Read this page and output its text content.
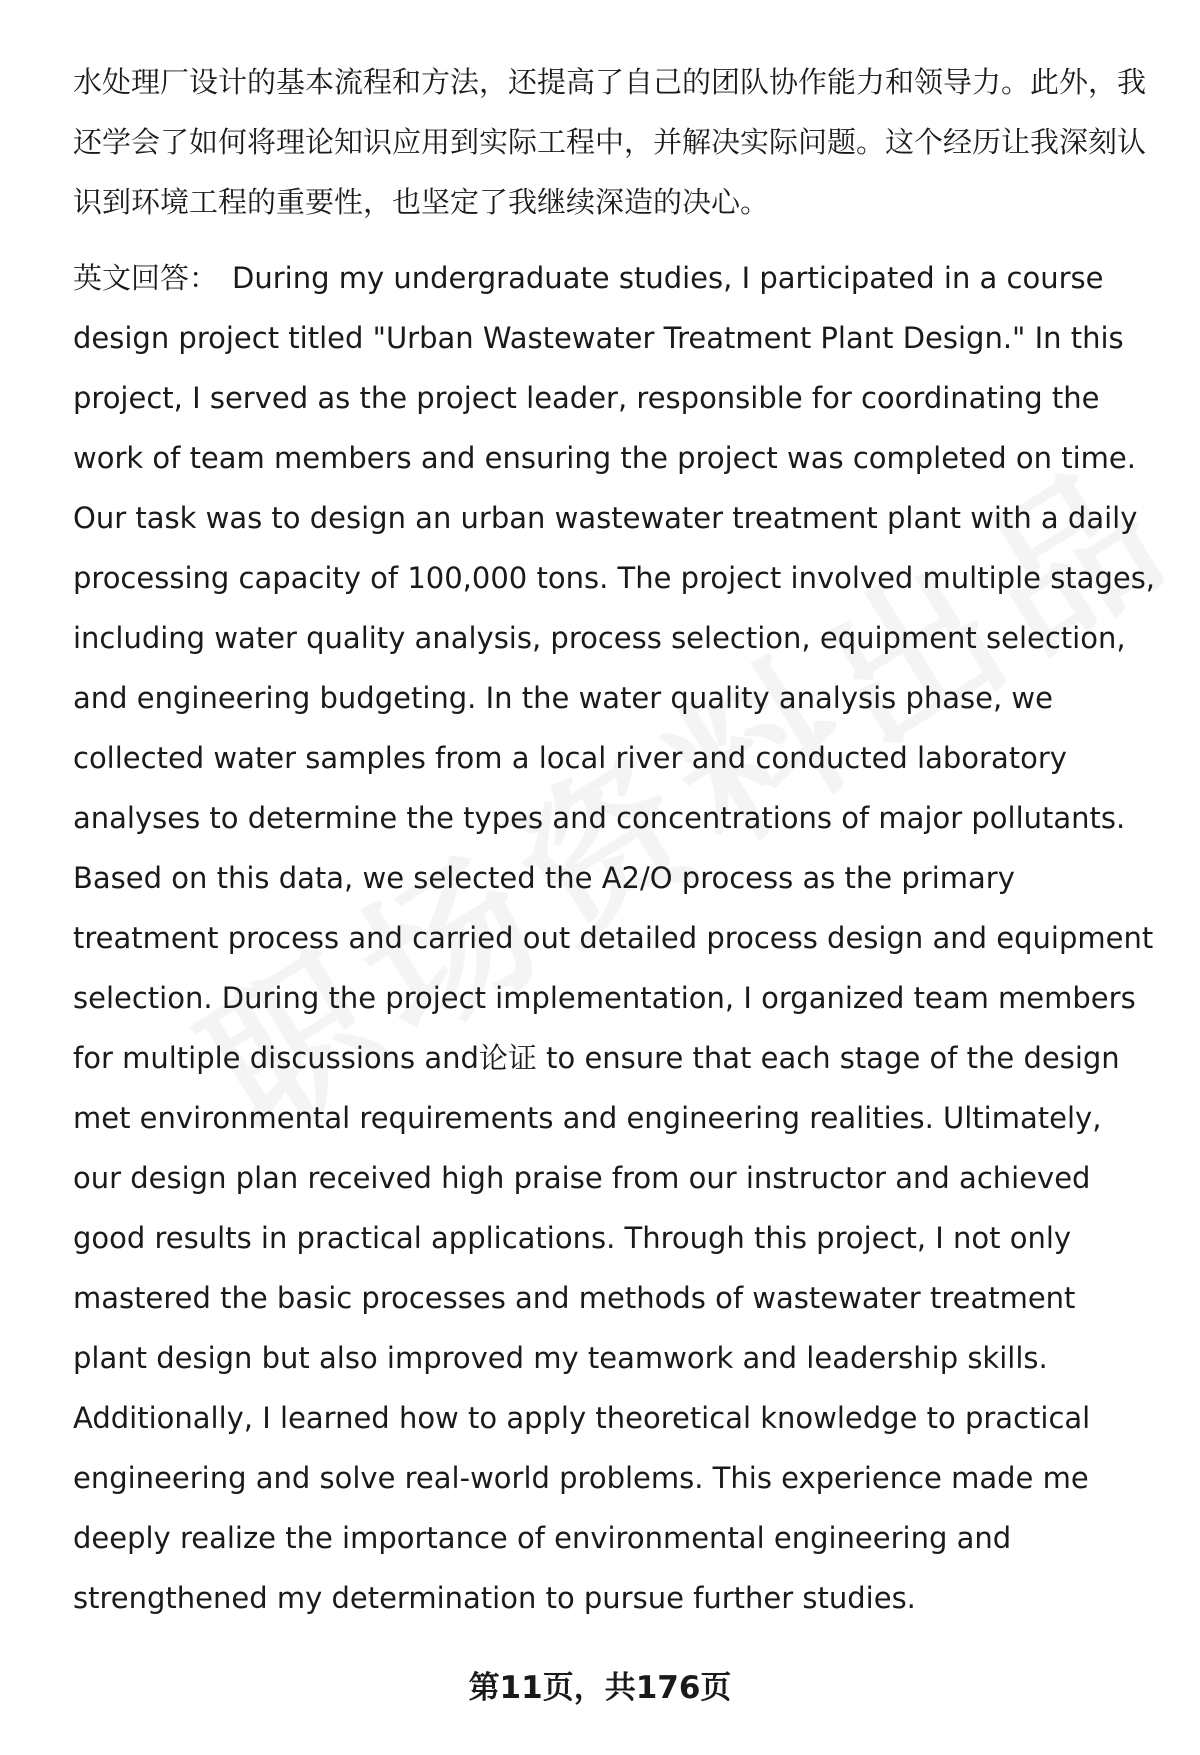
水处理厂设计的基本流程和方法，还提高了自己的团队协作能力和领导力。此外，我还学会了如何将理论知识应用到实际工程中，并解决实际问题。这个经历让我深刻认识到环境工程的重要性，也坚定了我继续深造的决心。

英文回答： During my undergraduate studies, I participated in a course design project titled "Urban Wastewater Treatment Plant Design." In this project, I served as the project leader, responsible for coordinating the work of team members and ensuring the project was completed on time. Our task was to design an urban wastewater treatment plant with a daily processing capacity of 100,000 tons. The project involved multiple stages, including water quality analysis, process selection, equipment selection, and engineering budgeting. In the water quality analysis phase, we collected water samples from a local river and conducted laboratory analyses to determine the types and concentrations of major pollutants. Based on this data, we selected the A2/O process as the primary treatment process and carried out detailed process design and equipment selection. During the project implementation, I organized team members for multiple discussions and论证 to ensure that each stage of the design met environmental requirements and engineering realities. Ultimately, our design plan received high praise from our instructor and achieved good results in practical applications. Through this project, I not only mastered the basic processes and methods of wastewater treatment plant design but also improved my teamwork and leadership skills. Additionally, I learned how to apply theoretical knowledge to practical engineering and solve real-world problems. This experience made me deeply realize the importance of environmental engineering and strengthened my determination to pursue further studies.

第11页，共176页
